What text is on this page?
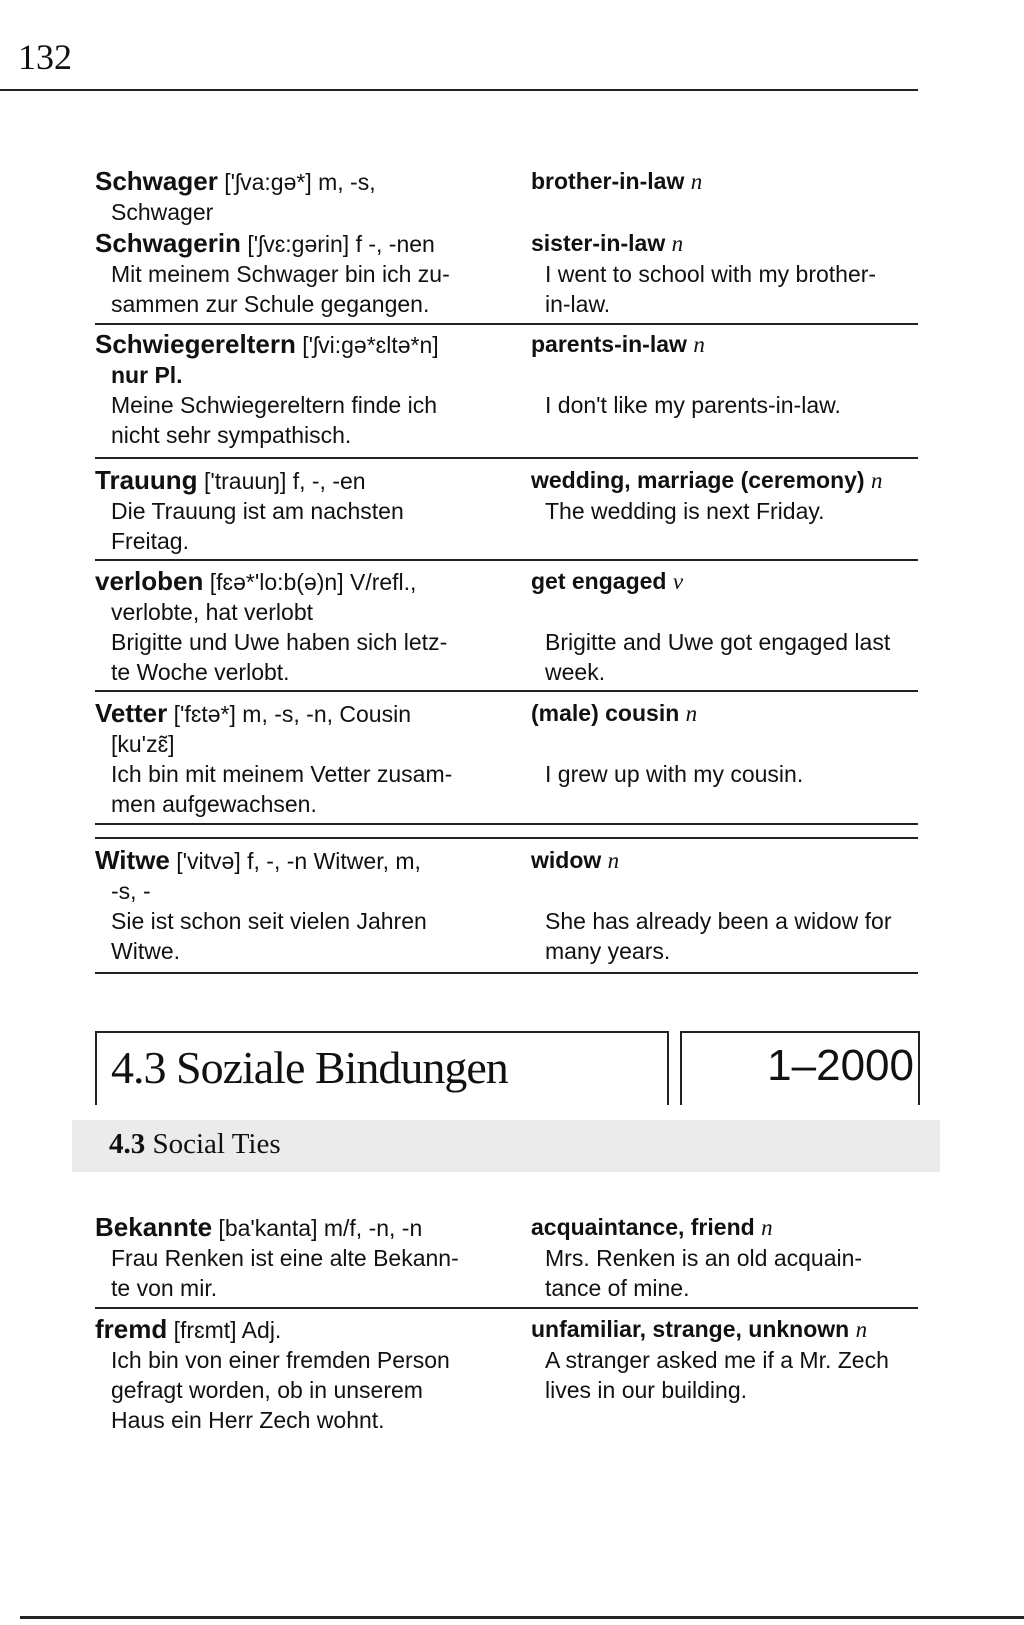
132
Schwager ['ʃva:gə*] m, -s,
Schwager
brother-in-law n
Schwagerin ['ʃvɛ:gərin] f -, -nen
Mit meinem Schwager bin ich zu-
sammen zur Schule gegangen.
sister-in-law n
I went to school with my brother-
in-law.
Schwiegereltern ['ʃvi:gə*ɛltə*n]
nur Pl.
Meine Schwiegereltern finde ich
nicht sehr sympathisch.
parents-in-law n
I don't like my parents-in-law.
Trauung ['trauuŋ] f, -, -en
Die Trauung ist am nachsten
Freitag.
wedding, marriage (ceremony) n
The wedding is next Friday.
verloben [fɛə*'lo:b(ə)n] V/refl.,
verlobte, hat verlobt
Brigitte und Uwe haben sich letz-
te Woche verlobt.
get engaged v
Brigitte and Uwe got engaged last
week.
Vetter ['fɛtə*] m, -s, -n, Cousin
[ku'zɛ̃]
Ich bin mit meinem Vetter zusam-
men aufgewachsen.
(male) cousin n
I grew up with my cousin.
Witwe ['vitvə] f, -, -n Witwer, m,
-s, -
Sie ist schon seit vielen Jahren
Witwe.
widow n
She has already been a widow for
many years.
4.3 Soziale Bindungen	1–2000
4.3 Social Ties
Bekannte [ba'kanta] m/f, -n, -n
Frau Renken ist eine alte Bekann-
te von mir.
acquaintance, friend n
Mrs. Renken is an old acquain-
tance of mine.
fremd [frɛmt] Adj.
Ich bin von einer fremden Person
gefragt worden, ob in unserem
Haus ein Herr Zech wohnt.
unfamiliar, strange, unknown n
A stranger asked me if a Mr. Zech
lives in our building.
